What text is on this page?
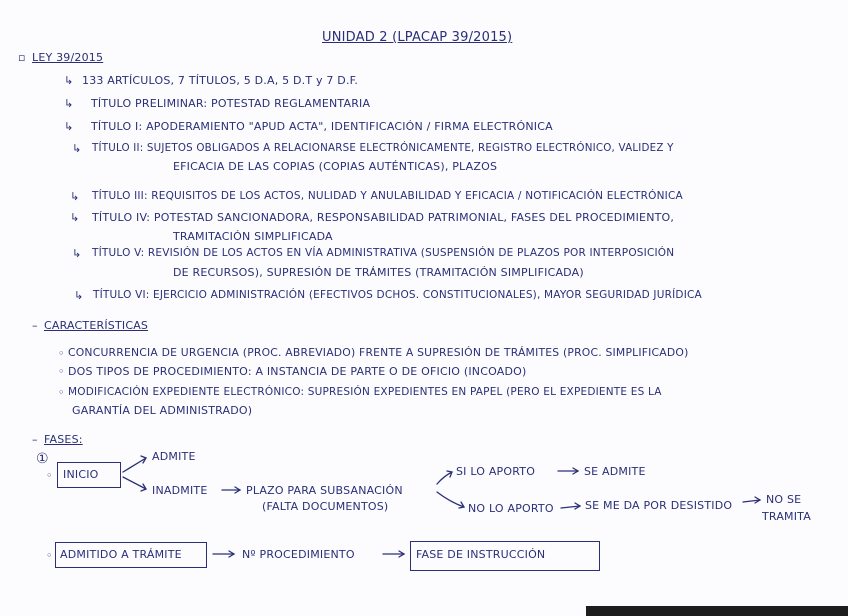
UNIDAD 2 (LPACAP 39/2015)
▫ LEY 39/2015
↳ 133 ARTÍCULOS, 7 TÍTULOS, 5 D.A, 5 D.T y 7 D.F.
↳ TÍTULO PRELIMINAR: POTESTAD REGLAMENTARIA
↳ TÍTULO I: APODERAMIENTO "APUD ACTA", IDENTIFICACIÓN / FIRMA ELECTRÓNICA
↳ TÍTULO II: SUJETOS OBLIGADOS A RELACIONARSE ELECTRÓNICAMENTE, REGISTRO ELECTRÓNICO, VALIDEZ Y
EFICACIA DE LAS COPIAS (COPIAS AUTÉNTICAS), PLAZOS
↳ TÍTULO III: REQUISITOS DE LOS ACTOS, NULIDAD Y ANULABILIDAD Y EFICACIA / NOTIFICACIÓN ELECTRÓNICA
↳ TÍTULO IV: POTESTAD SANCIONADORA, RESPONSABILIDAD PATRIMONIAL, FASES DEL PROCEDIMIENTO,
TRAMITACIÓN SIMPLIFICADA
↳ TÍTULO V: REVISIÓN DE LOS ACTOS EN VÍA ADMINISTRATIVA (SUSPENSIÓN DE PLAZOS POR INTERPOSICIÓN
DE RECURSOS), SUPRESIÓN DE TRÁMITES (TRAMITACIÓN SIMPLIFICADA)
↳ TÍTULO VI: EJERCICIO ADMINISTRACIÓN (EFECTIVOS DCHOS. CONSTITUCIONALES), MAYOR SEGURIDAD JURÍDICA
– CARACTERÍSTICAS
◦ CONCURRENCIA DE URGENCIA (PROC. ABREVIADO) FRENTE A SUPRESIÓN DE TRÁMITES (PROC. SIMPLIFICADO)
◦ DOS TIPOS DE PROCEDIMIENTO: A INSTANCIA DE PARTE O DE OFICIO (INCOADO)
◦ MODIFICACIÓN EXPEDIENTE ELECTRÓNICO: SUPRESIÓN EXPEDIENTES EN PAPEL (PERO EL EXPEDIENTE ES LA
GARANTÍA DEL ADMINISTRADO)
– FASES:
①
◦ INICIO
ADMITE
INADMITE	PLAZO PARA SUBSANACIÓN
(FALTA DOCUMENTOS)
SI LO APORTO	SE ADMITE
NO LO APORTO	SE ME DA POR DESISTIDO	NO SE
TRAMITA
◦ ADMITIDO A TRÁMITE	Nº PROCEDIMIENTO	FASE DE INSTRUCCIÓN
